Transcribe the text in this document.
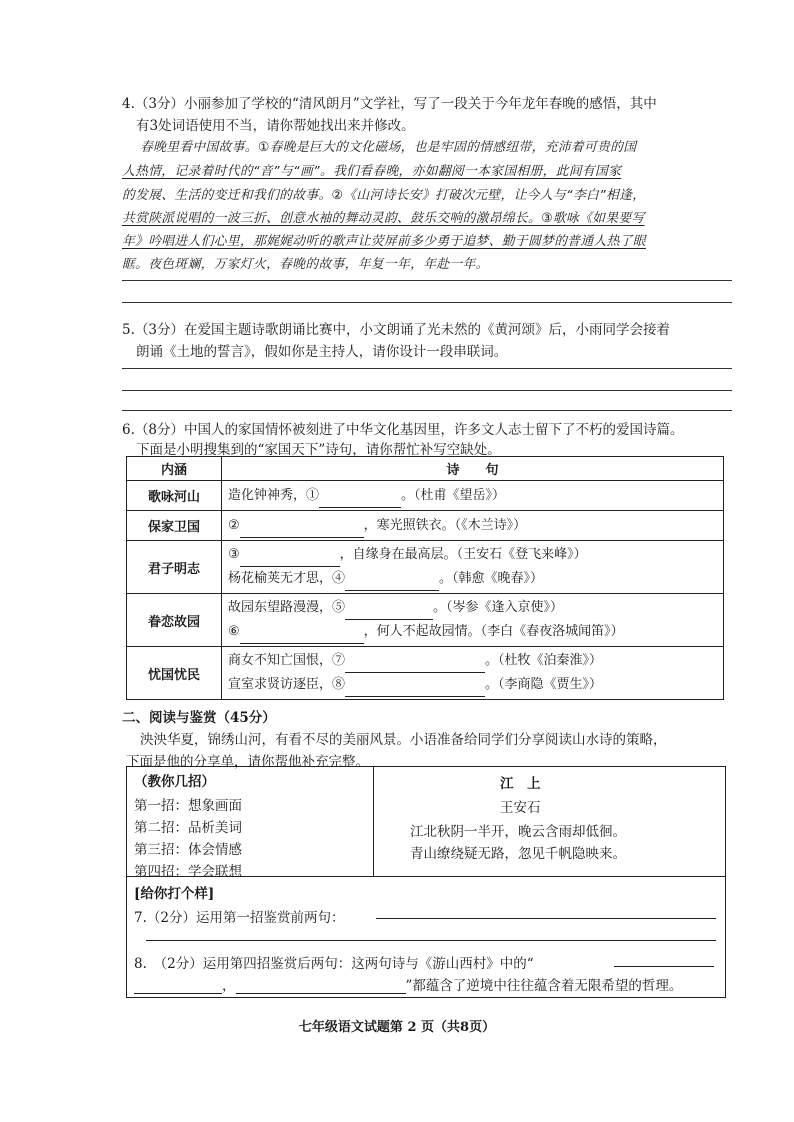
4.（3分）小丽参加了学校的“清风朗月”文学社，写了一段关于今年龙年春晚的感悟，其中
有3处词语使用不当，请你帮她找出来并修改。
春晚里看中国故事。①春晚是巨大的文化磁场，也是牢固的情感纽带，充沛着可贵的国
人热情，记录着时代的“音”与“画”。我们看春晚，亦如翻阅一本家国相册，此间有国家
的发展、生活的变迁和我们的故事。②《山河诗长安》打破次元壁，让今人与“李白”相逢，
共赏陕派说唱的一波三折、创意水袖的舞动灵韵、鼓乐交响的激昂绵长。③歌咏《如果要写
年》吟唱进人们心里，那娓娓动听的歌声让荧屏前多少勇于追梦、勤于圆梦的普通人热了眼
眶。夜色斑斓，万家灯火，春晚的故事，年复一年，年赴一年。
5.（3分）在爱国主题诗歌朗诵比赛中，小文朗诵了光未然的《黄河颂》后，小雨同学会接着
朗诵《土地的誓言》，假如你是主持人，请你设计一段串联词。
6.（8分）中国人的家国情怀被刻进了中华文化基因里，许多文人志士留下了不朽的爱国诗篇。
下面是小明搜集到的“家国天下”诗句，请你帮忙补写空缺处。
内涵	诗　　句
歌咏河山	造化钟神秀，① 。（杜甫《望岳》）
保家卫国	② ，寒光照铁衣。（《木兰诗》）
君子明志	③ ，自缘身在最高层。（王安石《登飞来峰》）
杨花榆荚无才思，④ 。（韩愈《晚春》）

眷恋故园	故园东望路漫漫，⑤ 。（岑参《逢入京使》）
⑥ ，何人不起故园情。（李白《春夜洛城闻笛》）

忧国忧民	商女不知亡国恨，⑦ 。（杜牧《泊秦淮》）
宣室求贤访逐臣，⑧ 。（李商隐《贾生》）
二、阅读与鉴赏（45分）
泱泱华夏，锦绣山河，有看不尽的美丽风景。小语准备给同学们分享阅读山水诗的策略，
下面是他的分享单，请你帮他补充完整。
（教你几招）
第一招：想象画面
第二招：品析美词
第三招：体会情感
第四招：学会联想
江　上
王安石
江北秋阴一半开，晚云含雨却低徊。
青山缭绕疑无路，忽见千帆隐映来。
[给你打个样]
7.（2分）运用第一招鉴赏前两句：
8.　（2分）运用第四招鉴赏后两句：这两句诗与《游山西村》中的“
，	”都蕴含了逆境中往往蕴含着无限希望的哲理。
七年级语文试题第 2 页（共8页）
